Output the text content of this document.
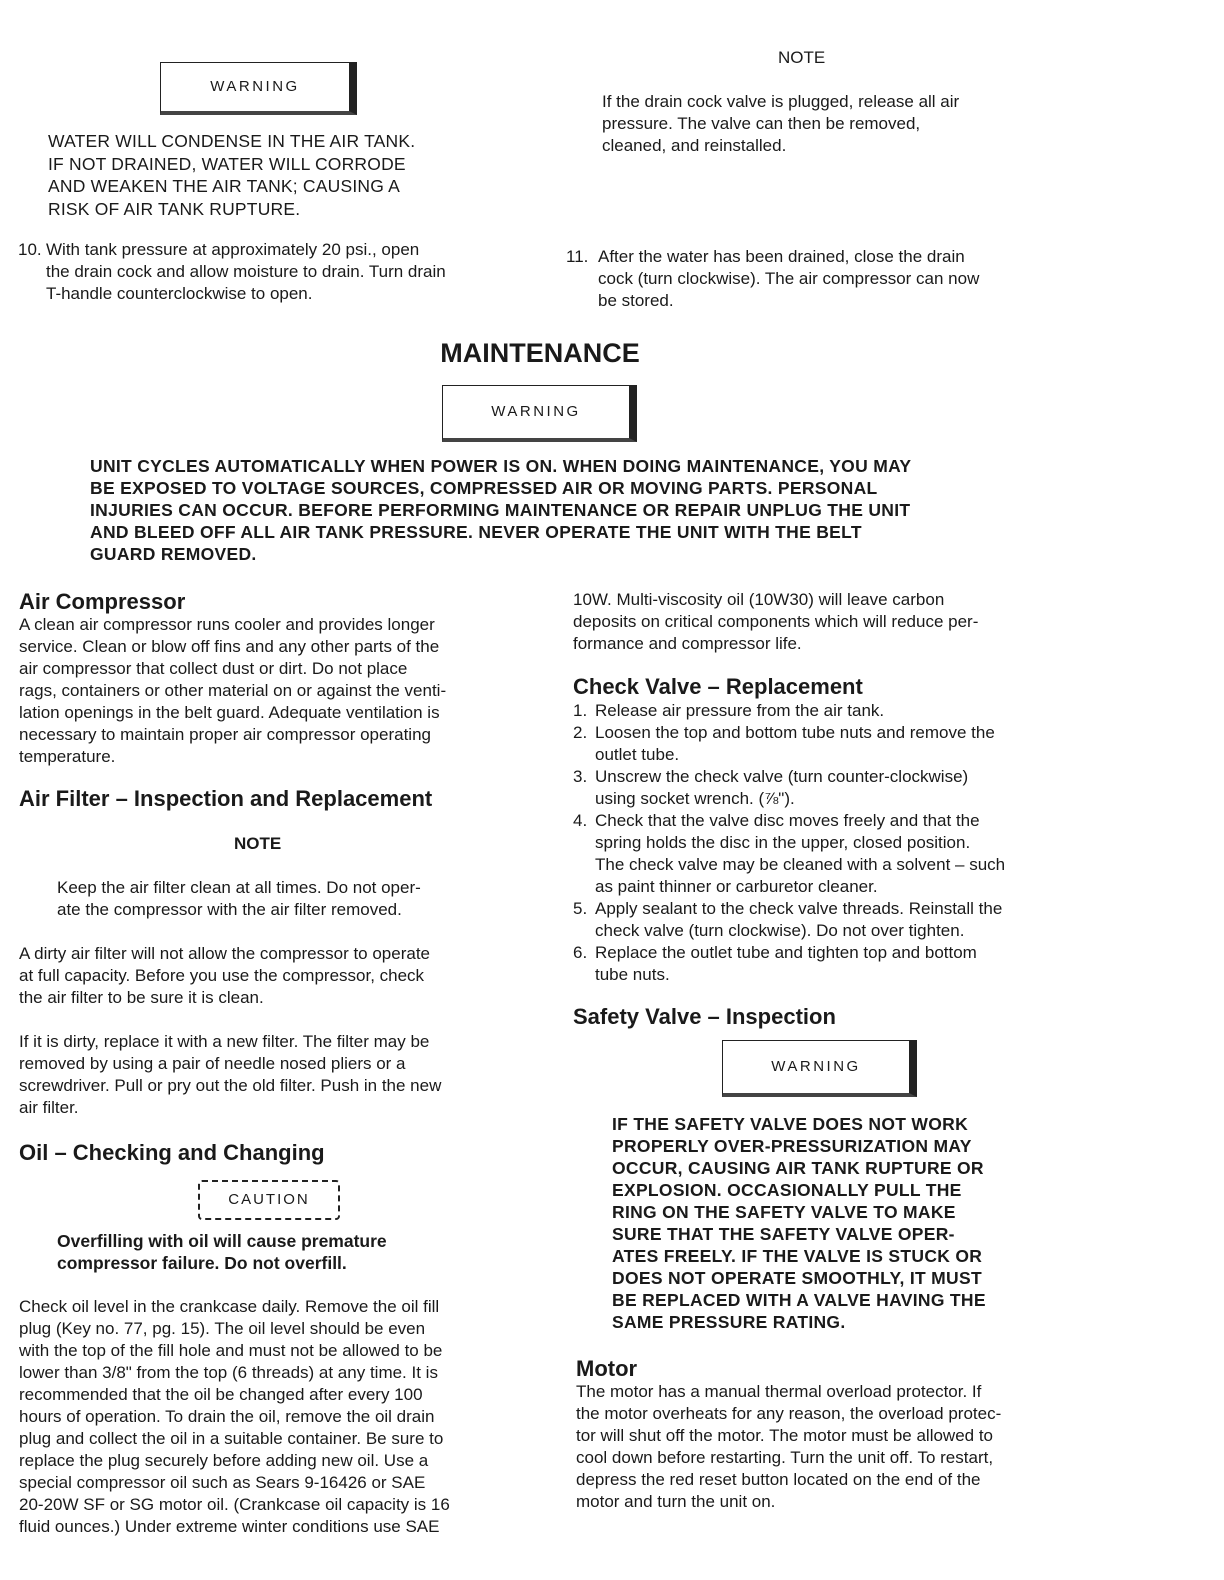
WARNING
WATER WILL CONDENSE IN THE AIR TANK.
IF NOT DRAINED, WATER WILL CORRODE
AND WEAKEN THE AIR TANK; CAUSING A
RISK OF AIR TANK RUPTURE.
10. With tank pressure at approximately 20 psi., open
the drain cock and allow moisture to drain. Turn drain
T-handle counterclockwise to open.
NOTE
If the drain cock valve is plugged, release all air
pressure. The valve can then be removed,
cleaned, and reinstalled.
11. After the water has been drained, close the drain
cock (turn clockwise). The air compressor can now
be stored.
MAINTENANCE
WARNING
UNIT CYCLES AUTOMATICALLY WHEN POWER IS ON. WHEN DOING MAINTENANCE, YOU MAY
BE EXPOSED TO VOLTAGE SOURCES, COMPRESSED AIR OR MOVING PARTS. PERSONAL
INJURIES CAN OCCUR. BEFORE PERFORMING MAINTENANCE OR REPAIR UNPLUG THE UNIT
AND BLEED OFF ALL AIR TANK PRESSURE. NEVER OPERATE THE UNIT WITH THE BELT
GUARD REMOVED.
Air Compressor
A clean air compressor runs cooler and provides longer
service. Clean or blow off fins and any other parts of the
air compressor that collect dust or dirt. Do not place
rags, containers or other material on or against the venti-
lation openings in the belt guard. Adequate ventilation is
necessary to maintain proper air compressor operating
temperature.
Air Filter – Inspection and Replacement
NOTE
Keep the air filter clean at all times. Do not oper-
ate the compressor with the air filter removed.
A dirty air filter will not allow the compressor to operate
at full capacity. Before you use the compressor, check
the air filter to be sure it is clean.
If it is dirty, replace it with a new filter. The filter may be
removed by using a pair of needle nosed pliers or a
screwdriver. Pull or pry out the old filter. Push in the new
air filter.
Oil – Checking and Changing
CAUTION
Overfilling with oil will cause premature
compressor failure. Do not overfill.
Check oil level in the crankcase daily. Remove the oil fill
plug (Key no. 77, pg. 15). The oil level should be even
with the top of the fill hole and must not be allowed to be
lower than 3/8" from the top (6 threads) at any time. It is
recommended that the oil be changed after every 100
hours of operation. To drain the oil, remove the oil drain
plug and collect the oil in a suitable container. Be sure to
replace the plug securely before adding new oil. Use a
special compressor oil such as Sears 9-16426 or SAE
20-20W SF or SG motor oil. (Crankcase oil capacity is 16
fluid ounces.) Under extreme winter conditions use SAE
10W. Multi-viscosity oil (10W30) will leave carbon
deposits on critical components which will reduce per-
formance and compressor life.
Check Valve – Replacement
1. Release air pressure from the air tank.
2. Loosen the top and bottom tube nuts and remove the
outlet tube.
3. Unscrew the check valve (turn counter-clockwise)
using socket wrench. (⅞").
4. Check that the valve disc moves freely and that the
spring holds the disc in the upper, closed position.
The check valve may be cleaned with a solvent – such
as paint thinner or carburetor cleaner.
5. Apply sealant to the check valve threads. Reinstall the
check valve (turn clockwise). Do not over tighten.
6. Replace the outlet tube and tighten top and bottom
tube nuts.
Safety Valve – Inspection
WARNING
IF THE SAFETY VALVE DOES NOT WORK
PROPERLY OVER-PRESSURIZATION MAY
OCCUR, CAUSING AIR TANK RUPTURE OR
EXPLOSION. OCCASIONALLY PULL THE
RING ON THE SAFETY VALVE TO MAKE
SURE THAT THE SAFETY VALVE OPER-
ATES FREELY. IF THE VALVE IS STUCK OR
DOES NOT OPERATE SMOOTHLY, IT MUST
BE REPLACED WITH A VALVE HAVING THE
SAME PRESSURE RATING.
Motor
The motor has a manual thermal overload protector. If
the motor overheats for any reason, the overload protec-
tor will shut off the motor. The motor must be allowed to
cool down before restarting. Turn the unit off. To restart,
depress the red reset button located on the end of the
motor and turn the unit on.
